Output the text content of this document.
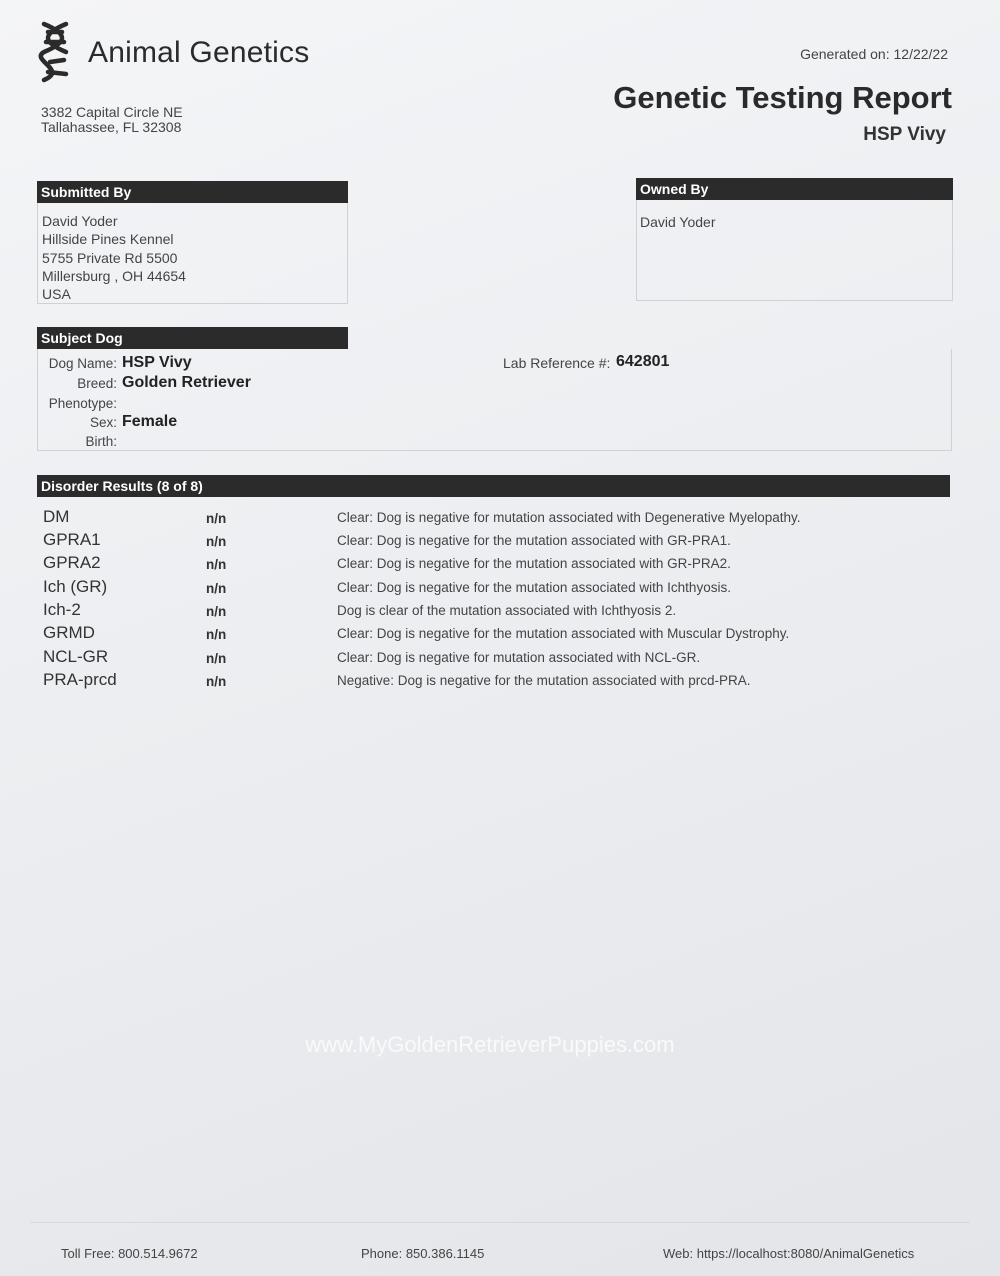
Animal Genetics
3382 Capital Circle NE
Tallahassee, FL 32308
Generated on: 12/22/22
Genetic Testing Report
HSP Vivy
Submitted By
David Yoder
Hillside Pines Kennel
5755 Private Rd 5500
Millersburg , OH 44654
USA
Owned By
David Yoder
Subject Dog
Dog Name: HSP Vivy
Breed: Golden Retriever
Phenotype:
Sex: Female
Birth:
Lab Reference #: 642801
Disorder Results (8 of 8)
DM	n/n	Clear: Dog is negative for mutation associated with Degenerative Myelopathy.
GPRA1	n/n	Clear: Dog is negative for the mutation associated with GR-PRA1.
GPRA2	n/n	Clear: Dog is negative for the mutation associated with GR-PRA2.
Ich (GR)	n/n	Clear: Dog is negative for the mutation associated with Ichthyosis.
Ich-2	n/n	Dog is clear of the mutation associated with Ichthyosis 2.
GRMD	n/n	Clear: Dog is negative for the mutation associated with Muscular Dystrophy.
NCL-GR	n/n	Clear: Dog is negative for mutation associated with NCL-GR.
PRA-prcd	n/n	Negative: Dog is negative for the mutation associated with prcd-PRA.
www.MyGoldenRetrieverPuppies.com
Toll Free: 800.514.9672	Phone: 850.386.1145	Web: https://localhost:8080/AnimalGenetics
